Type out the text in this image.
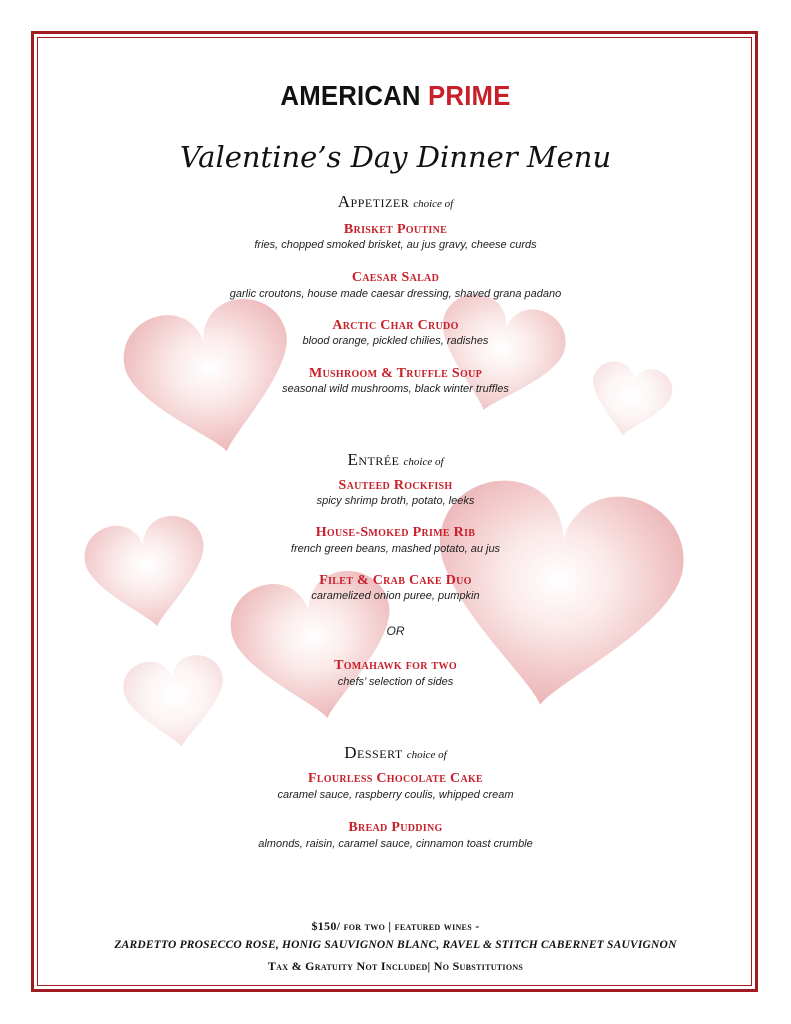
AMERICAN PRIME
Valentine’s Day Dinner Menu
Appetizer choice of
Brisket Poutine
fries, chopped smoked brisket, au jus gravy, cheese curds
Caesar Salad
garlic croutons, house made caesar dressing, shaved grana padano
Arctic Char Crudo
blood orange, pickled chilies, radishes
Mushroom & Truffle Soup
seasonal wild mushrooms, black winter truffles
Entrée choice of
Sauteed Rockfish
spicy shrimp broth, potato, leeks
House-Smoked Prime Rib
french green beans, mashed potato, au jus
Filet & Crab Cake Duo
caramelized onion puree, pumpkin
OR
Tomahawk for two
chefs’ selection of sides
Dessert choice of
Flourless Chocolate Cake
caramel sauce, raspberry coulis, whipped cream
Bread Pudding
almonds, raisin, caramel sauce, cinnamon toast crumble
$150/ for two | featured wines -
ZARDETTO PROSECCO ROSE, HONIG SAUVIGNON BLANC, RAVEL & STITCH CABERNET SAUVIGNON
Tax & Gratuity Not Included| No Substitutions
